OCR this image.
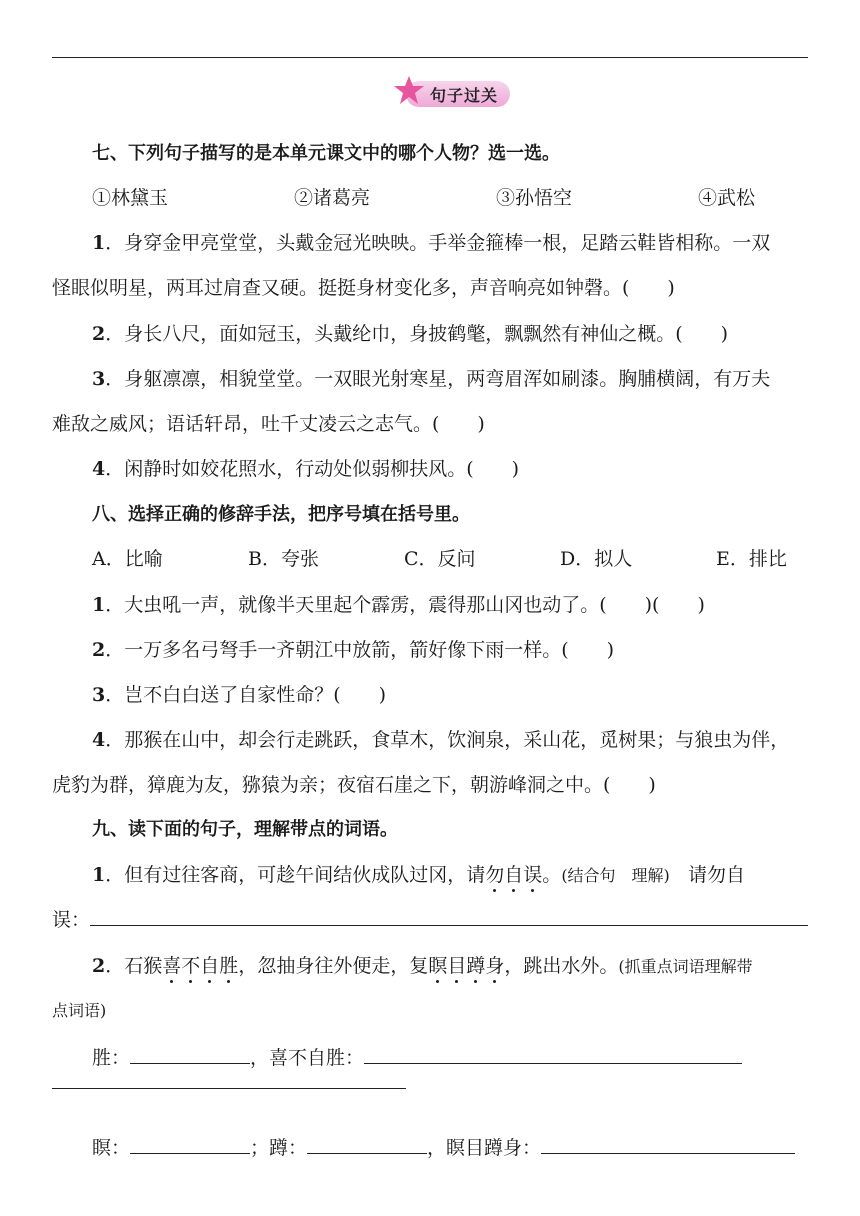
句子过关
七、下列句子描写的是本单元课文中的哪个人物？选一选。
①林黛玉	②诸葛亮	③孙悟空	④武松
1．身穿金甲亮堂堂，头戴金冠光映映。手举金箍棒一根，足踏云鞋皆相称。一双
怪眼似明星，两耳过肩查又硬。挺挺身材变化多，声音响亮如钟磬。(　　)
2．身长八尺，面如冠玉，头戴纶巾，身披鹤氅，飘飘然有神仙之概。(　　)
3．身躯凛凛，相貌堂堂。一双眼光射寒星，两弯眉浑如刷漆。胸脯横阔，有万夫
难敌之威风；语话轩昂，吐千丈凌云之志气。(　　)
4．闲静时如姣花照水，行动处似弱柳扶风。(　　)
八、选择正确的修辞手法，把序号填在括号里。
A．比喻	B．夸张	C．反问	D．拟人	E．排比
1．大虫吼一声，就像半天里起个霹雳，震得那山冈也动了。(　　)(　　)
2．一万多名弓弩手一齐朝江中放箭，箭好像下雨一样。(　　)
3．岂不白白送了自家性命？(　　)
4．那猴在山中，却会行走跳跃，食草木，饮涧泉，采山花，觅树果；与狼虫为伴，
虎豹为群，獐鹿为友，猕猿为亲；夜宿石崖之下，朝游峰洞之中。(　　)
九、读下面的句子，理解带点的词语。
1．但有过往客商，可趁午间结伙成队过冈，请勿自误。(结合句　理解) 请勿自
误：
2．石猴喜不自胜，忽抽身往外便走，复瞑目蹲身，跳出水外。(抓重点词语理解带
点词语)
胜：	，喜不自胜：
瞑：	；蹲：	，瞑目蹲身：
